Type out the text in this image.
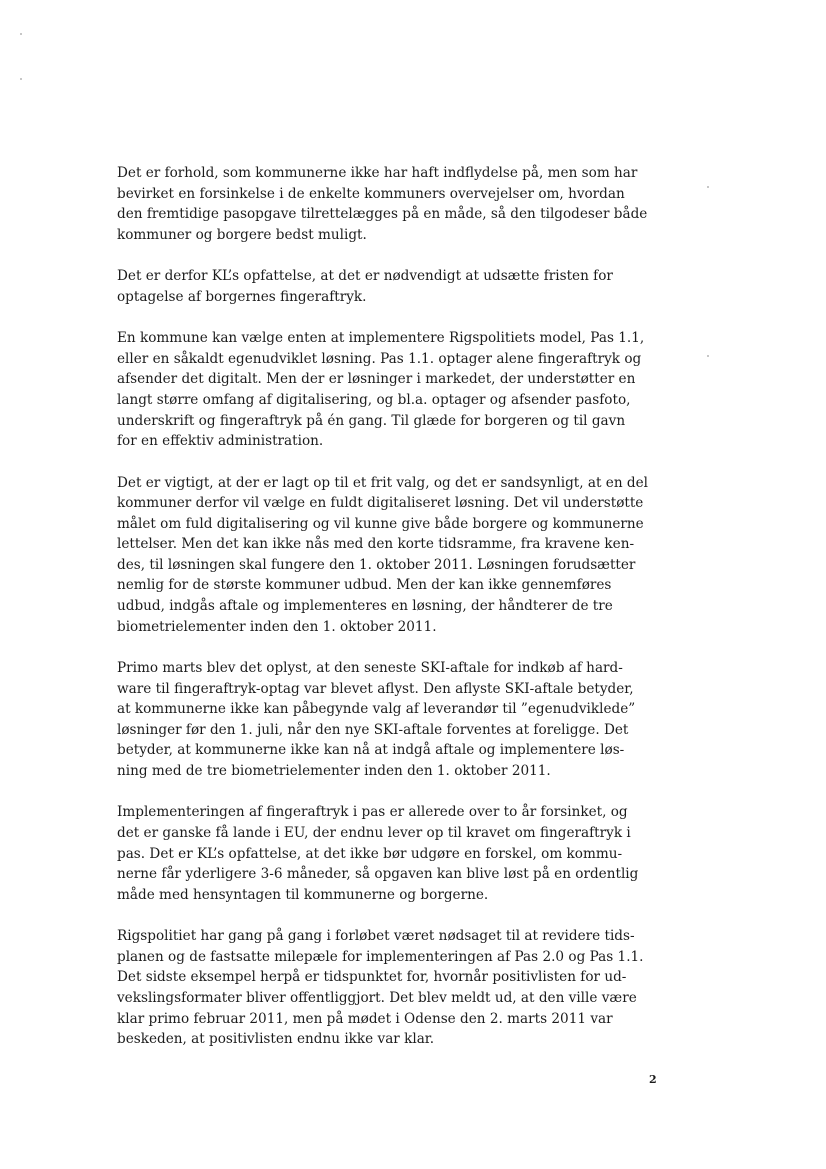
Det er forhold, som kommunerne ikke har haft indflydelse på, men som har
bevirket en forsinkelse i de enkelte kommuners overvejelser om, hvordan
den fremtidige pasopgave tilrettelægges på en måde, så den tilgodeser både
kommuner og borgere bedst muligt.

Det er derfor KL’s opfattelse, at det er nødvendigt at udsætte fristen for
optagelse af borgernes fingeraftryk.

En kommune kan vælge enten at implementere Rigspolitiets model, Pas 1.1,
eller en såkaldt egenudviklet løsning. Pas 1.1. optager alene fingeraftryk og
afsender det digitalt. Men der er løsninger i markedet, der understøtter en
langt større omfang af digitalisering, og bl.a. optager og afsender pasfoto,
underskrift og fingeraftryk på én gang. Til glæde for borgeren og til gavn
for en effektiv administration.

Det er vigtigt, at der er lagt op til et frit valg, og det er sandsynligt, at en del
kommuner derfor vil vælge en fuldt digitaliseret løsning. Det vil understøtte
målet om fuld digitalisering og vil kunne give både borgere og kommunerne
lettelser. Men det kan ikke nås med den korte tidsramme, fra kravene ken-
des, til løsningen skal fungere den 1. oktober 2011. Løsningen forudsætter
nemlig for de største kommuner udbud. Men der kan ikke gennemføres
udbud, indgås aftale og implementeres en løsning, der håndterer de tre
biometrielementer inden den 1. oktober 2011.

Primo marts blev det oplyst, at den seneste SKI-aftale for indkøb af hard-
ware til fingeraftryk-optag var blevet aflyst. Den aflyste SKI-aftale betyder,
at kommunerne ikke kan påbegynde valg af leverandør til ”egenudviklede”
løsninger før den 1. juli, når den nye SKI-aftale forventes at foreligge. Det
betyder, at kommunerne ikke kan nå at indgå aftale og implementere løs-
ning med de tre biometrielementer inden den 1. oktober 2011.

Implementeringen af fingeraftryk i pas er allerede over to år forsinket, og
det er ganske få lande i EU, der endnu lever op til kravet om fingeraftryk i
pas. Det er KL’s opfattelse, at det ikke bør udgøre en forskel, om kommu-
nerne får yderligere 3-6 måneder, så opgaven kan blive løst på en ordentlig
måde med hensyntagen til kommunerne og borgerne.

Rigspolitiet har gang på gang i forløbet været nødsaget til at revidere tids-
planen og de fastsatte milepæle for implementeringen af Pas 2.0 og Pas 1.1.
Det sidste eksempel herpå er tidspunktet for, hvornår positivlisten for ud-
vekslingsformater bliver offentliggjort. Det blev meldt ud, at den ville være
klar primo februar 2011, men på mødet i Odense den 2. marts 2011 var
beskeden, at positivlisten endnu ikke var klar.

2
